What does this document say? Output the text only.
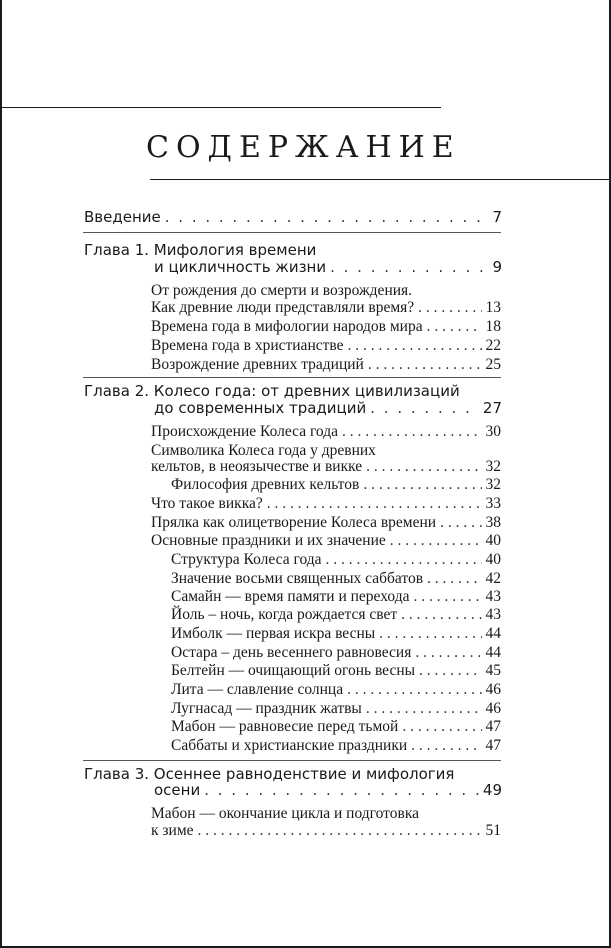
СОДЕРЖАНИЕ
Введение . . .	7
Глава 1. Мифология времени
и цикличность жизни . . .	9
От рождения до смерти и возрождения.
Как древние люди представляли время? . . .	13
Времена года в мифологии народов мира . . .	18
Времена года в христианстве . . .	22
Возрождение древних традиций . . .	25
Глава 2. Колесо года: от древних цивилизаций
до современных традиций . . .	27
Происхождение Колеса года . . .	30
Символика Колеса года у древних
кельтов, в неоязычестве и викке . . .	32
Философия древних кельтов . . .	32
Что такое викка? . . .	33
Прялка как олицетворение Колеса времени . . .	38
Основные праздники и их значение . . .	40
Структура Колеса года . . .	40
Значение восьми священных саббатов . . .	42
Самайн — время памяти и перехода . . .	43
Йоль – ночь, когда рождается свет . . .	43
Имболк — первая искра весны . . .	44
Остара – день весеннего равновесия . . .	44
Белтейн — очищающий огонь весны . . .	45
Лита — славление солнца . . .	46
Лугнасад — праздник жатвы . . .	46
Мабон — равновесие перед тьмой . . .	47
Саббаты и христианские праздники . . .	47
Глава 3. Осеннее равноденствие и мифология
осени . . .	49
Мабон — окончание цикла и подготовка
к зиме . . .	51
